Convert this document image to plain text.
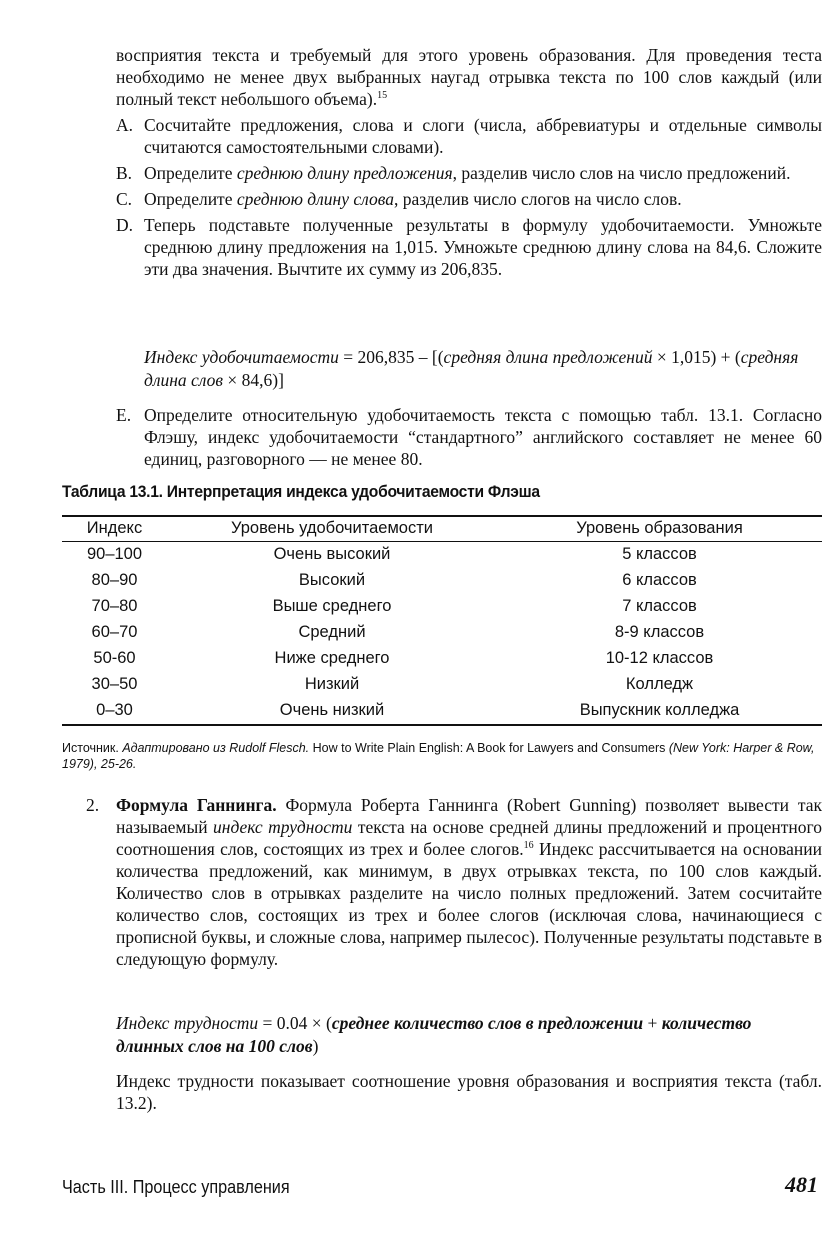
восприятия текста и требуемый для этого уровень образования. Для проведения теста необходимо не менее двух выбранных наугад отрывка текста по 100 слов каждый (или полный текст небольшого объема).$^{15}$

A. Сосчитайте предложения, слова и слоги (числа, аббревиатуры и отдельные символы считаются самостоятельными словами).
B. Определите среднюю длину предложения, разделив число слов на число предложений.
C. Определите среднюю длину слова, разделив число слогов на число слов.
D. Теперь подставьте полученные результаты в формулу удобочитаемости. Умножьте среднюю длину предложения на 1,015. Умножьте среднюю длину слова на 84,6. Сложите эти два значения. Вычтите их сумму из 206,835.
Индекс удобочитаемости = 206,835 – [(средняя длина предложений × 1,015) + (средняя длина слов × 84,6)]
E. Определите относительную удобочитаемость текста с помощью табл. 13.1. Согласно Флэшу, индекс удобочитаемости “стандартного” английского составляет не менее 60 единиц, разговорного — не менее 80.
Таблица 13.1. Интерпретация индекса удобочитаемости Флэша
Индекс	Уровень удобочитаемости	Уровень образования
90–100	Очень высокий	5 классов
80–90	Высокий	6 классов
70–80	Выше среднего	7 классов
60–70	Средний	8-9 классов
50-60	Ниже среднего	10-12 классов
30–50	Низкий	Колледж
0–30	Очень низкий	Выпускник колледжа
Источник. Адаптировано из Rudolf Flesch. How to Write Plain English: A Book for Lawyers and Consumers (New York: Harper & Row, 1979), 25-26.
2. Формула Ганнинга. Формула Роберта Ганнинга (Robert Gunning) позволяет вывести так называемый индекс трудности текста на основе средней длины предложений и процентного соотношения слов, состоящих из трех и более слогов.$^{16}$ Индекс рассчитывается на основании количества предложений, как минимум, в двух отрывках текста, по 100 слов каждый. Количество слов в отрывках разделите на число полных предложений. Затем сосчитайте количество слов, состоящих из трех и более слогов (исключая слова, начинающиеся с прописной буквы, и сложные слова, например пылесос). Полученные результаты подставьте в следующую формулу.
Индекс трудности = 0.04 × (среднее количество слов в предложении + количество длинных слов на 100 слов)
Индекс трудности показывает соотношение уровня образования и восприятия текста (табл. 13.2).
Часть III. Процесс управления	481
